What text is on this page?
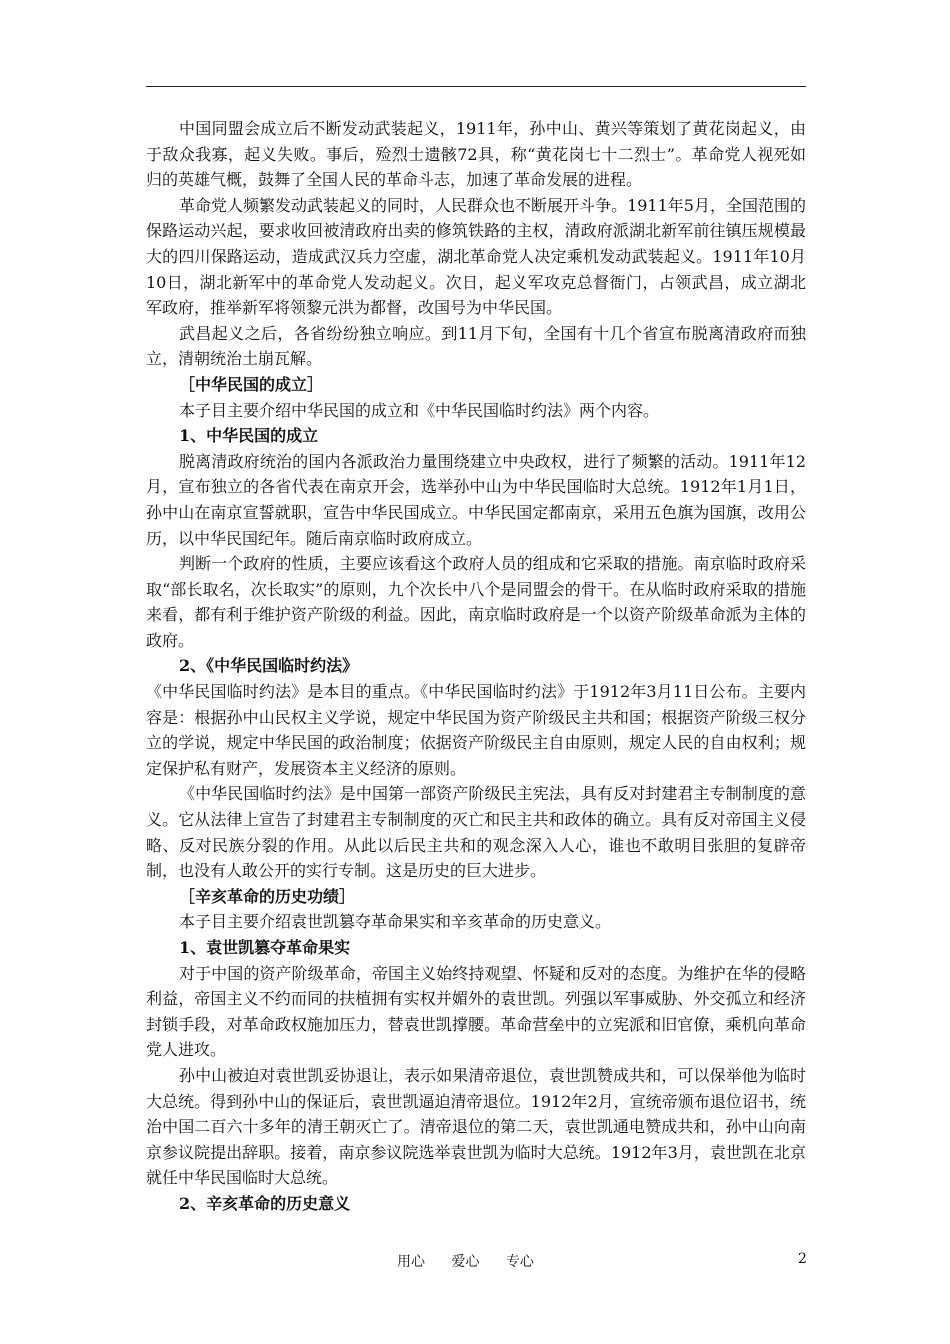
中国同盟会成立后不断发动武装起义，1911年，孙中山、黄兴等策划了黄花岗起义，由于敌众我寡，起义失败。事后，殓烈士遗骸72具，称“黄花岗七十二烈士”。革命党人视死如归的英雄气概，鼓舞了全国人民的革命斗志，加速了革命发展的进程。

革命党人频繁发动武装起义的同时，人民群众也不断展开斗争。1911年5月，全国范围的保路运动兴起，要求收回被清政府出卖的修筑铁路的主权，清政府派湖北新军前往镇压规模最大的四川保路运动，造成武汉兵力空虚，湖北革命党人决定乘机发动武装起义。1911年10月10日，湖北新军中的革命党人发动起义。次日，起义军攻克总督衙门，占领武昌，成立湖北军政府，推举新军将领黎元洪为都督，改国号为中华民国。

武昌起义之后，各省纷纷独立响应。到11月下旬，全国有十几个省宣布脱离清政府而独立，清朝统治土崩瓦解。

［中华民国的成立］

本子目主要介绍中华民国的成立和《中华民国临时约法》两个内容。

1、中华民国的成立

脱离清政府统治的国内各派政治力量围绕建立中央政权，进行了频繁的活动。1911年12月，宣布独立的各省代表在南京开会，选举孙中山为中华民国临时大总统。1912年1月1日，孙中山在南京宣誓就职，宣告中华民国成立。中华民国定都南京，采用五色旗为国旗，改用公历，以中华民国纪年。随后南京临时政府成立。

判断一个政府的性质，主要应该看这个政府人员的组成和它采取的措施。南京临时政府采取“部长取名，次长取实”的原则，九个次长中八个是同盟会的骨干。在从临时政府采取的措施来看，都有利于维护资产阶级的利益。因此，南京临时政府是一个以资产阶级革命派为主体的政府。

2、《中华民国临时约法》

《中华民国临时约法》是本目的重点。《中华民国临时约法》于1912年3月11日公布。主要内容是：根据孙中山民权主义学说，规定中华民国为资产阶级民主共和国；根据资产阶级三权分立的学说，规定中华民国的政治制度；依据资产阶级民主自由原则，规定人民的自由权利；规定保护私有财产，发展资本主义经济的原则。

《中华民国临时约法》是中国第一部资产阶级民主宪法，具有反对封建君主专制制度的意义。它从法律上宣告了封建君主专制制度的灭亡和民主共和政体的确立。具有反对帝国主义侵略、反对民族分裂的作用。从此以后民主共和的观念深入人心，谁也不敢明目张胆的复辟帝制，也没有人敢公开的实行专制。这是历史的巨大进步。

［辛亥革命的历史功绩］

本子目主要介绍袁世凯篡夺革命果实和辛亥革命的历史意义。

1、袁世凯篡夺革命果实

对于中国的资产阶级革命，帝国主义始终持观望、怀疑和反对的态度。为维护在华的侵略利益，帝国主义不约而同的扶植拥有实权并媚外的袁世凯。列强以军事威胁、外交孤立和经济封锁手段，对革命政权施加压力，替袁世凯撑腰。革命营垒中的立宪派和旧官僚，乘机向革命党人进攻。

孙中山被迫对袁世凯妥协退让，表示如果清帝退位，袁世凯赞成共和，可以保举他为临时大总统。得到孙中山的保证后，袁世凯逼迫清帝退位。1912年2月，宣统帝颁布退位诏书，统治中国二百六十多年的清王朝灭亡了。清帝退位的第二天，袁世凯通电赞成共和，孙中山向南京参议院提出辞职。接着，南京参议院选举袁世凯为临时大总统。1912年3月，袁世凯在北京就任中华民国临时大总统。

2、辛亥革命的历史意义

用心 爱心 专心	2
